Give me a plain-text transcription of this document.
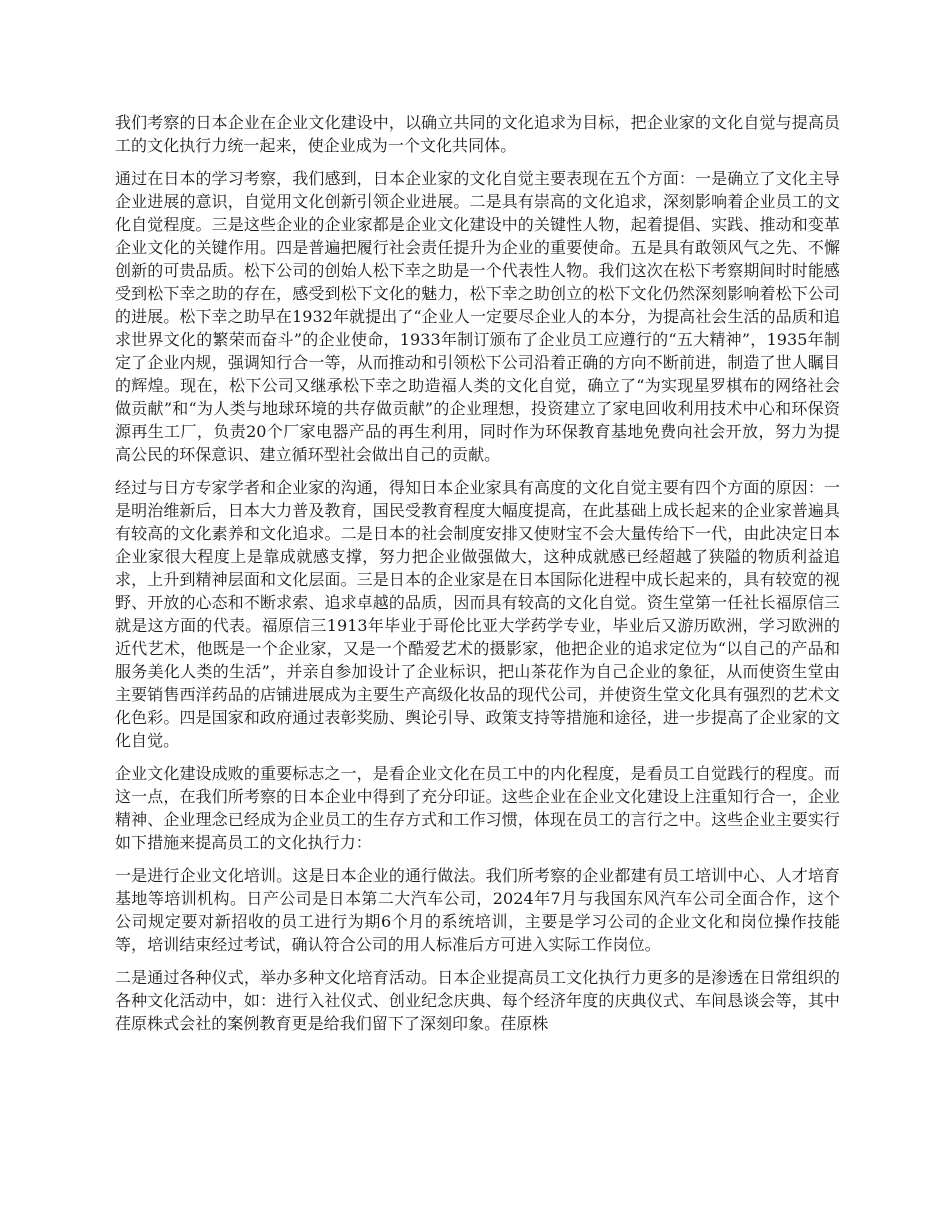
我们考察的日本企业在企业文化建设中，以确立共同的文化追求为目标，把企业家的文化自觉与提高员工的文化执行力统一起来，使企业成为一个文化共同体。

通过在日本的学习考察，我们感到，日本企业家的文化自觉主要表现在五个方面：一是确立了文化主导企业进展的意识，自觉用文化创新引领企业进展。二是具有崇高的文化追求，深刻影响着企业员工的文化自觉程度。三是这些企业的企业家都是企业文化建设中的关键性人物，起着提倡、实践、推动和变革企业文化的关键作用。四是普遍把履行社会责任提升为企业的重要使命。五是具有敢领风气之先、不懈创新的可贵品质。松下公司的创始人松下幸之助是一个代表性人物。我们这次在松下考察期间时时能感受到松下幸之助的存在，感受到松下文化的魅力，松下幸之助创立的松下文化仍然深刻影响着松下公司的进展。松下幸之助早在1932年就提出了“企业人一定要尽企业人的本分，为提高社会生活的品质和追求世界文化的繁荣而奋斗”的企业使命，1933年制订颁布了企业员工应遵行的“五大精神”，1935年制定了企业内规，强调知行合一等，从而推动和引领松下公司沿着正确的方向不断前进，制造了世人瞩目的辉煌。现在，松下公司又继承松下幸之助造福人类的文化自觉，确立了“为实现星罗棋布的网络社会做贡献”和“为人类与地球环境的共存做贡献”的企业理想，投资建立了家电回收利用技术中心和环保资源再生工厂，负责20个厂家电器产品的再生利用，同时作为环保教育基地免费向社会开放，努力为提高公民的环保意识、建立循环型社会做出自己的贡献。

经过与日方专家学者和企业家的沟通，得知日本企业家具有高度的文化自觉主要有四个方面的原因：一是明治维新后，日本大力普及教育，国民受教育程度大幅度提高，在此基础上成长起来的企业家普遍具有较高的文化素养和文化追求。二是日本的社会制度安排又使财宝不会大量传给下一代，由此决定日本企业家很大程度上是靠成就感支撑，努力把企业做强做大，这种成就感已经超越了狭隘的物质利益追求，上升到精神层面和文化层面。三是日本的企业家是在日本国际化进程中成长起来的，具有较宽的视野、开放的心态和不断求索、追求卓越的品质，因而具有较高的文化自觉。资生堂第一任社长福原信三就是这方面的代表。福原信三1913年毕业于哥伦比亚大学药学专业，毕业后又游历欧洲，学习欧洲的近代艺术，他既是一个企业家，又是一个酷爱艺术的摄影家，他把企业的追求定位为“以自己的产品和服务美化人类的生活”，并亲自参加设计了企业标识，把山茶花作为自己企业的象征，从而使资生堂由主要销售西洋药品的店铺进展成为主要生产高级化妆品的现代公司，并使资生堂文化具有强烈的艺术文化色彩。四是国家和政府通过表彰奖励、舆论引导、政策支持等措施和途径，进一步提高了企业家的文化自觉。

企业文化建设成败的重要标志之一，是看企业文化在员工中的内化程度，是看员工自觉践行的程度。而这一点，在我们所考察的日本企业中得到了充分印证。这些企业在企业文化建设上注重知行合一，企业精神、企业理念已经成为企业员工的生存方式和工作习惯，体现在员工的言行之中。这些企业主要实行如下措施来提高员工的文化执行力：

一是进行企业文化培训。这是日本企业的通行做法。我们所考察的企业都建有员工培训中心、人才培育基地等培训机构。日产公司是日本第二大汽车公司，2024年7月与我国东风汽车公司全面合作，这个公司规定要对新招收的员工进行为期6个月的系统培训，主要是学习公司的企业文化和岗位操作技能等，培训结束经过考试，确认符合公司的用人标准后方可进入实际工作岗位。

二是通过各种仪式，举办多种文化培育活动。日本企业提高员工文化执行力更多的是渗透在日常组织的各种文化活动中，如：进行入社仪式、创业纪念庆典、每个经济年度的庆典仪式、车间恳谈会等，其中荏原株式会社的案例教育更是给我们留下了深刻印象。荏原株
